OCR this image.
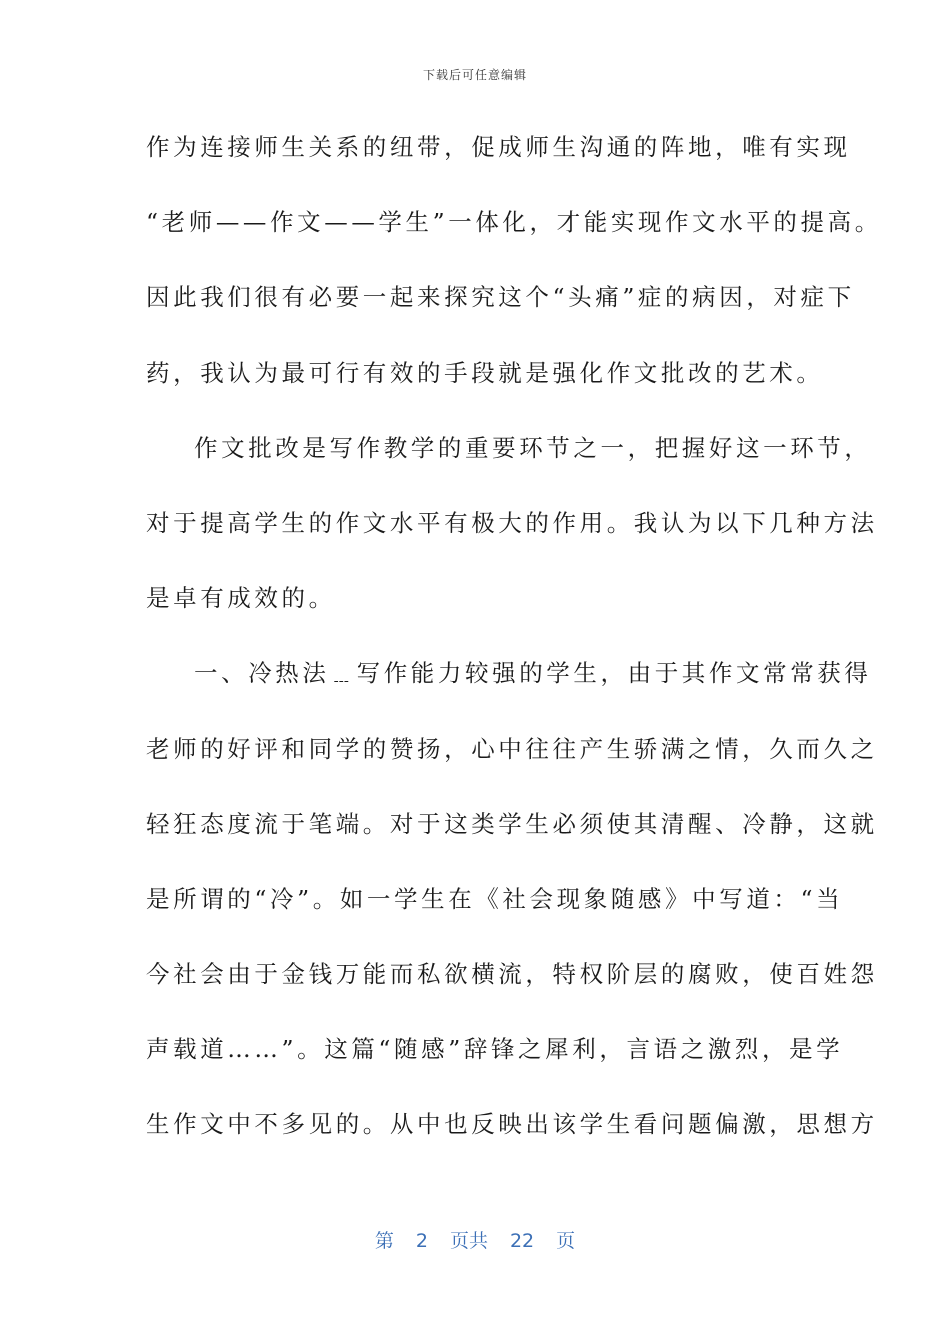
下载后可任意编辑
作为连接师生关系的纽带，促成师生沟通的阵地，唯有实现
“老师——作文——学生”一体化，才能实现作文水平的提高。
因此我们很有必要一起来探究这个“头痛”症的病因，对症下
药，我认为最可行有效的手段就是强化作文批改的艺术。
作文批改是写作教学的重要环节之一，把握好这一环节，
对于提高学生的作文水平有极大的作用。我认为以下几种方法
是卓有成效的。
一、冷热法﹍写作能力较强的学生，由于其作文常常获得
老师的好评和同学的赞扬，心中往往产生骄满之情，久而久之
轻狂态度流于笔端。对于这类学生必须使其清醒、冷静，这就
是所谓的“冷”。如一学生在《社会现象随感》中写道：“当
今社会由于金钱万能而私欲横流，特权阶层的腐败，使百姓怨
声载道……”。这篇“随感”辞锋之犀利，言语之激烈，是学
生作文中不多见的。从中也反映出该学生看问题偏激，思想方
第 2 页共 22 页
